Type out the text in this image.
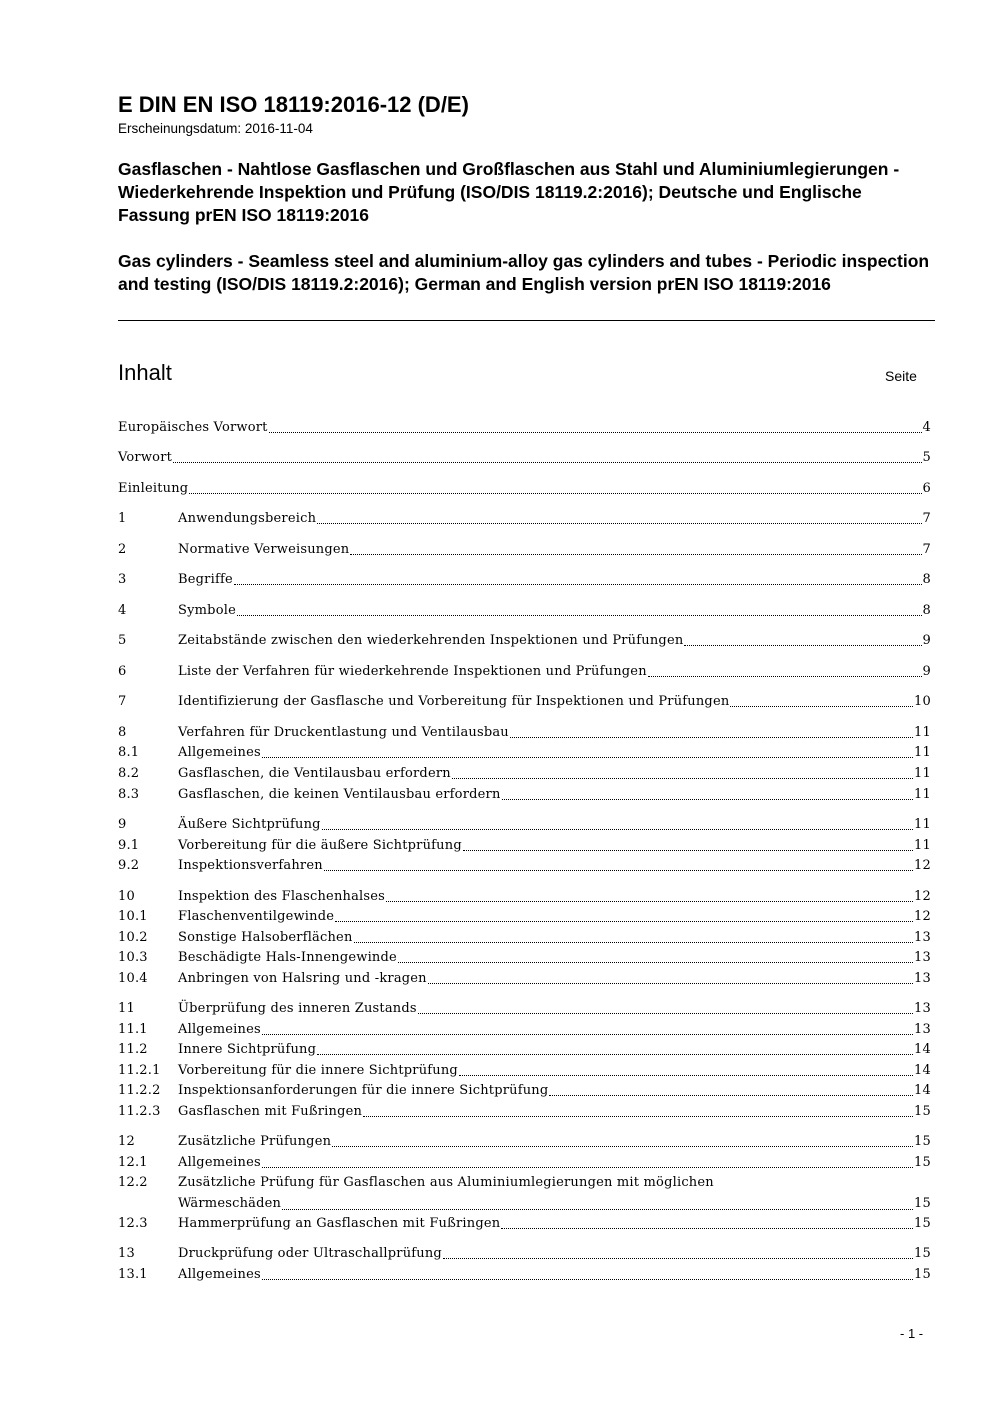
E DIN EN ISO 18119:2016-12 (D/E)
Erscheinungsdatum: 2016-11-04
Gasflaschen - Nahtlose Gasflaschen und Großflaschen aus Stahl und Aluminiumlegierungen - Wiederkehrende Inspektion und Prüfung (ISO/DIS 18119.2:2016); Deutsche und Englische Fassung prEN ISO 18119:2016
Gas cylinders - Seamless steel and aluminium-alloy gas cylinders and tubes - Periodic inspection and testing (ISO/DIS 18119.2:2016); German and English version prEN ISO 18119:2016
Inhalt	Seite
Europäisches Vorwort	4
Vorwort	5
Einleitung	6
1	Anwendungsbereich	7
2	Normative Verweisungen	7
3	Begriffe	8
4	Symbole	8
5	Zeitabstände zwischen den wiederkehrenden Inspektionen und Prüfungen	9
6	Liste der Verfahren für wiederkehrende Inspektionen und Prüfungen	9
7	Identifizierung der Gasflasche und Vorbereitung für Inspektionen und Prüfungen	10
8	Verfahren für Druckentlastung und Ventilausbau	11
8.1	Allgemeines	11
8.2	Gasflaschen, die Ventilausbau erfordern	11
8.3	Gasflaschen, die keinen Ventilausbau erfordern	11
9	Äußere Sichtprüfung	11
9.1	Vorbereitung für die äußere Sichtprüfung	11
9.2	Inspektionsverfahren	12
10	Inspektion des Flaschenhalses	12
10.1	Flaschenventilgewinde	12
10.2	Sonstige Halsoberflächen	13
10.3	Beschädigte Hals-Innengewinde	13
10.4	Anbringen von Halsring und -kragen	13
11	Überprüfung des inneren Zustands	13
11.1	Allgemeines	13
11.2	Innere Sichtprüfung	14
11.2.1	Vorbereitung für die innere Sichtprüfung	14
11.2.2	Inspektionsanforderungen für die innere Sichtprüfung	14
11.2.3	Gasflaschen mit Fußringen	15
12	Zusätzliche Prüfungen	15
12.1	Allgemeines	15
12.2	Zusätzliche Prüfung für Gasflaschen aus Aluminiumlegierungen mit möglichen
Wärmeschäden	15
12.3	Hammerprüfung an Gasflaschen mit Fußringen	15
13	Druckprüfung oder Ultraschallprüfung	15
13.1	Allgemeines	15
- 1 -
